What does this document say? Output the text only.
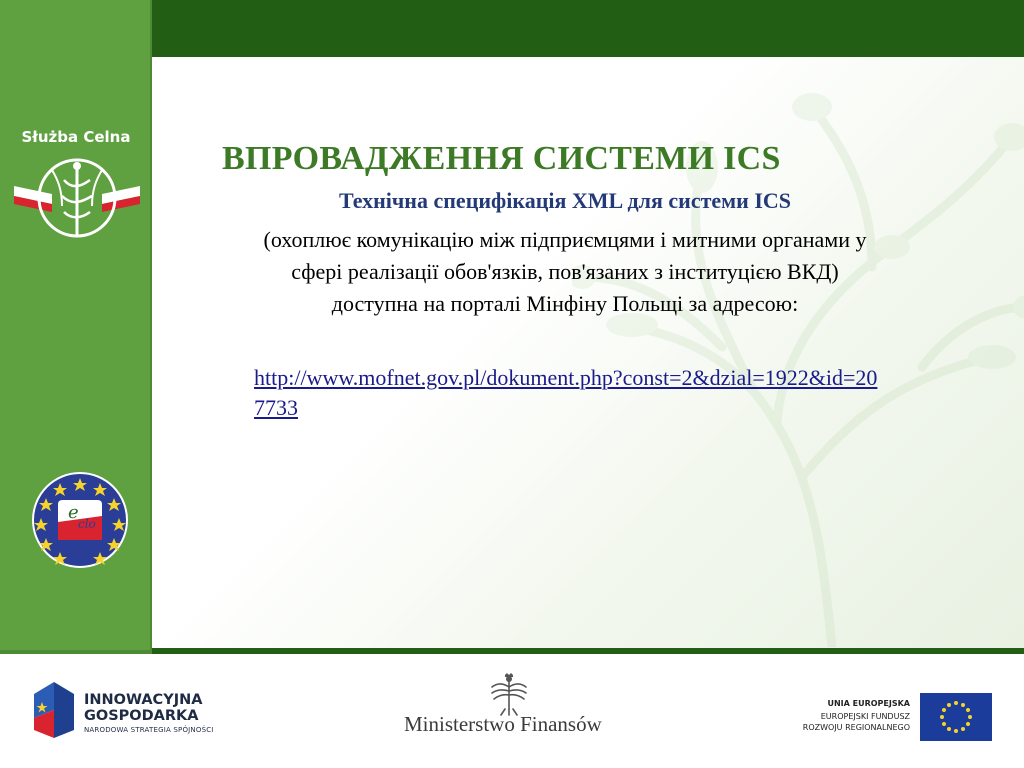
Służba Celna
e
clo
ВПРОВАДЖЕННЯ СИСТЕМИ ICS
Технічна специфікація XML для системи ICS
(охоплює комунікацію між підприємцями і митними органами у сфері реалізації обов'язків, пов'язаних з інституцією ВКД) доступна на порталі Мінфіну Польщі за адресою:
http://www.mofnet.gov.pl/dokument.php?const=2&dzial=1922&id=207733
INNOWACYJNA
GOSPODARKA
NARODOWA STRATEGIA SPÓJNOŚCI	Ministerstwo Finansów
UNIA EUROPEJSKA
EUROPEJSKI FUNDUSZ
ROZWOJU REGIONALNEGO
